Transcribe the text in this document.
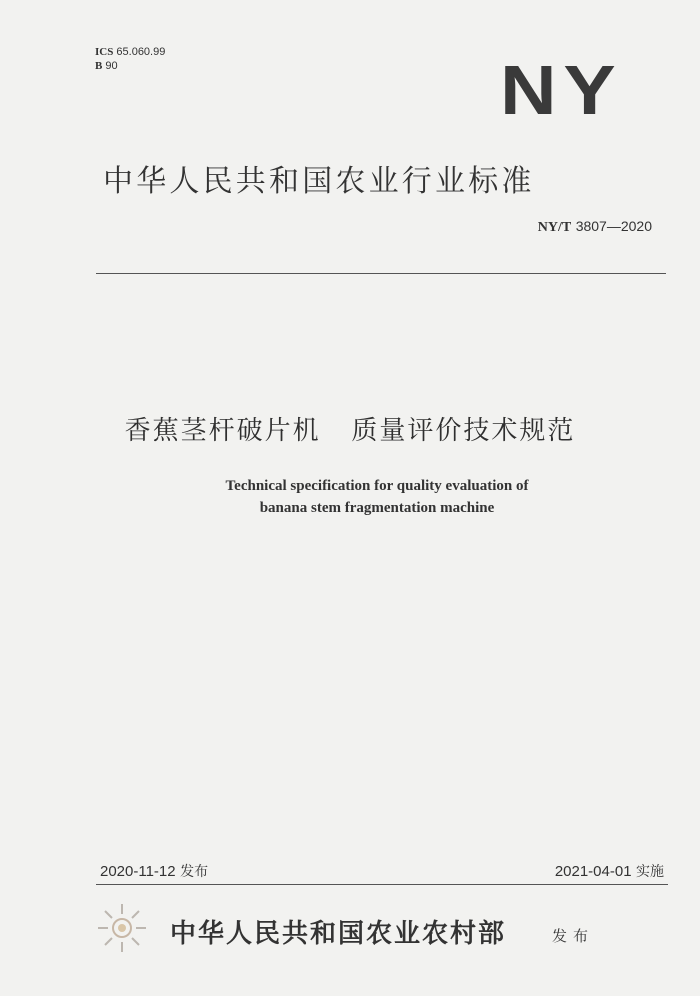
ICS 65.060.99
B 90	NY
中华人民共和国农业行业标准
NY/T 3807—2020
香蕉茎杆破片机   质量评价技术规范
Technical specification for quality evaluation of
banana stem fragmentation machine
2020-11-12 发布	2021-04-01 实施
中华人民共和国农业农村部	发布
